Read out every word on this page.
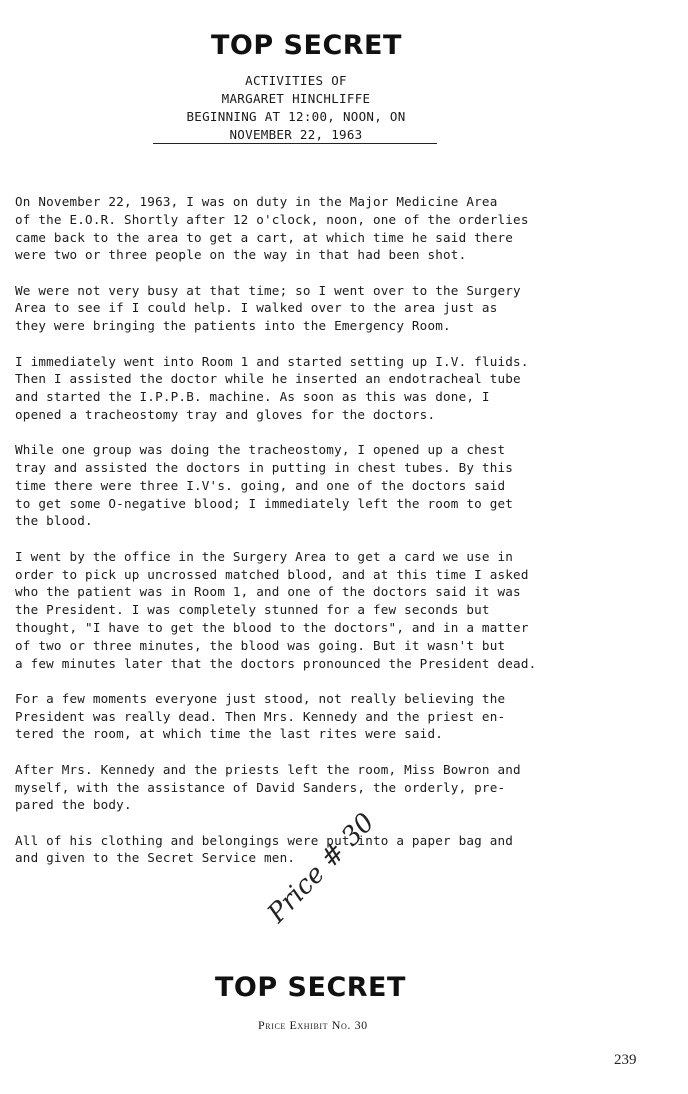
TOP SECRET
ACTIVITIES OF
MARGARET HINCHLIFFE
BEGINNING AT 12:00, NOON, ON
NOVEMBER 22, 1963
On November 22, 1963, I was on duty in the Major Medicine Area
of the E.O.R. Shortly after 12 o'clock, noon, one of the orderlies
came back to the area to get a cart, at which time he said there
were two or three people on the way in that had been shot.
We were not very busy at that time; so I went over to the Surgery
Area to see if I could help. I walked over to the area just as
they were bringing the patients into the Emergency Room.
I immediately went into Room 1 and started setting up I.V. fluids.
Then I assisted the doctor while he inserted an endotracheal tube
and started the I.P.P.B. machine. As soon as this was done, I
opened a tracheostomy tray and gloves for the doctors.
While one group was doing the tracheostomy, I opened up a chest
tray and assisted the doctors in putting in chest tubes. By this
time there were three I.V's. going, and one of the doctors said
to get some O-negative blood; I immediately left the room to get
the blood.
I went by the office in the Surgery Area to get a card we use in
order to pick up uncrossed matched blood, and at this time I asked
who the patient was in Room 1, and one of the doctors said it was
the President. I was completely stunned for a few seconds but
thought, "I have to get the blood to the doctors", and in a matter
of two or three minutes, the blood was going. But it wasn't but
a few minutes later that the doctors pronounced the President dead.
For a few moments everyone just stood, not really believing the
President was really dead. Then Mrs. Kennedy and the priest en-
tered the room, at which time the last rites were said.
After Mrs. Kennedy and the priests left the room, Miss Bowron and
myself, with the assistance of David Sanders, the orderly, pre-
pared the body.
All of his clothing and belongings were put into a paper bag and
and given to the Secret Service men.
Price # 30
TOP SECRET
Price Exhibit No. 30
239
